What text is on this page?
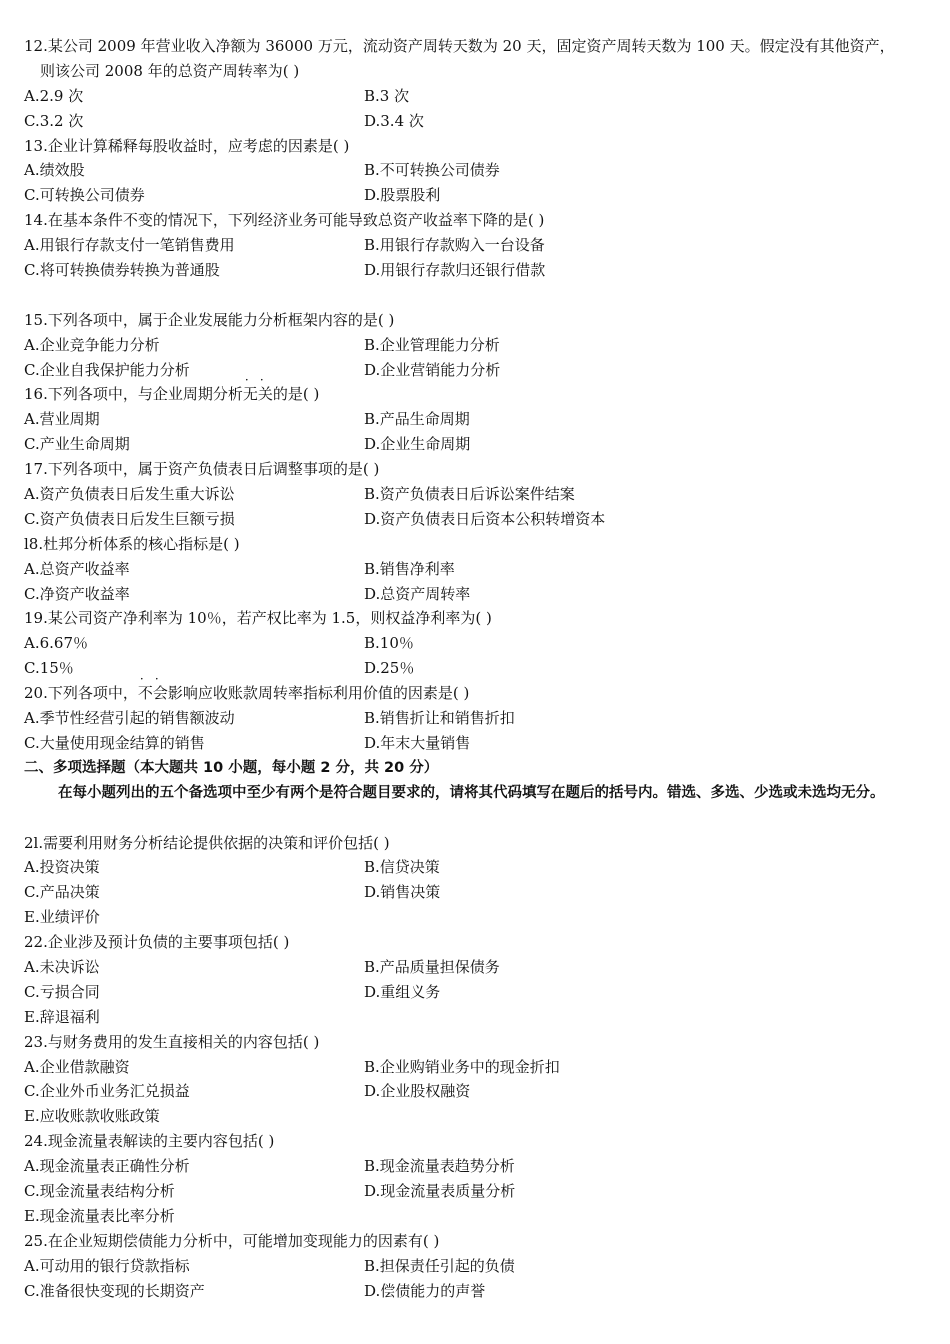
12.某公司 2009 年营业收入净额为 36000 万元，流动资产周转天数为 20 天，固定资产周转天数为 100 天。假定没有其他资产，
则该公司 2008 年的总资产周转率为( )
A.2.9 次	B.3 次
C.3.2 次	D.3.4 次
13.企业计算稀释每股收益时，应考虑的因素是( )
A.绩效股	B.不可转换公司债券
C.可转换公司债券	D.股票股利
14.在基本条件不变的情况下，下列经济业务可能导致总资产收益率下降的是( )
A.用银行存款支付一笔销售费用	B.用银行存款购入一台设备
C.将可转换债券转换为普通股	D.用银行存款归还银行借款
15.下列各项中，属于企业发展能力分析框架内容的是( )
A.企业竞争能力分析	B.企业管理能力分析
C.企业自我保护能力分析	D.企业营销能力分析
16.下列各项中，与企业周期分析
· ·
无关的是( )
A.营业周期	B.产品生命周期
C.产业生命周期	D.企业生命周期
17.下列各项中，属于资产负债表日后调整事项的是( )
A.资产负债表日后发生重大诉讼	B.资产负债表日后诉讼案件结案
C.资产负债表日后发生巨额亏损	D.资产负债表日后资本公积转增资本
l8.杜邦分析体系的核心指标是( )
A.总资产收益率	B.销售净利率
C.净资产收益率	D.总资产周转率
19.某公司资产净利率为 10％，若产权比率为 1.5，则权益净利率为( )
A.6.67％	B.10％
C.15％	D.25％
20.下列各项中，
· ·
不会影响应收账款周转率指标利用价值的因素是( )
A.季节性经营引起的销售额波动	B.销售折让和销售折扣
C.大量使用现金结算的销售	D.年末大量销售
二、多项选择题（本大题共 10 小题，每小题 2 分，共 20 分）
在每小题列出的五个备选项中至少有两个是符合题目要求的，请将其代码填写在题后的括号内。错选、多选、少选或未选均无分。
2l.需要利用财务分析结论提供依据的决策和评价包括( )
A.投资决策	B.信贷决策
C.产品决策	D.销售决策
E.业绩评价
22.企业涉及预计负债的主要事项包括( )
A.未决诉讼	B.产品质量担保债务
C.亏损合同	D.重组义务
E.辞退福利
23.与财务费用的发生直接相关的内容包括( )
A.企业借款融资	B.企业购销业务中的现金折扣
C.企业外币业务汇兑损益	D.企业股权融资
E.应收账款收账政策
24.现金流量表解读的主要内容包括( )
A.现金流量表正确性分析	B.现金流量表趋势分析
C.现金流量表结构分析	D.现金流量表质量分析
E.现金流量表比率分析
25.在企业短期偿债能力分析中，可能增加变现能力的因素有( )
A.可动用的银行贷款指标	B.担保责任引起的负债
C.准备很快变现的长期资产	D.偿债能力的声誉
